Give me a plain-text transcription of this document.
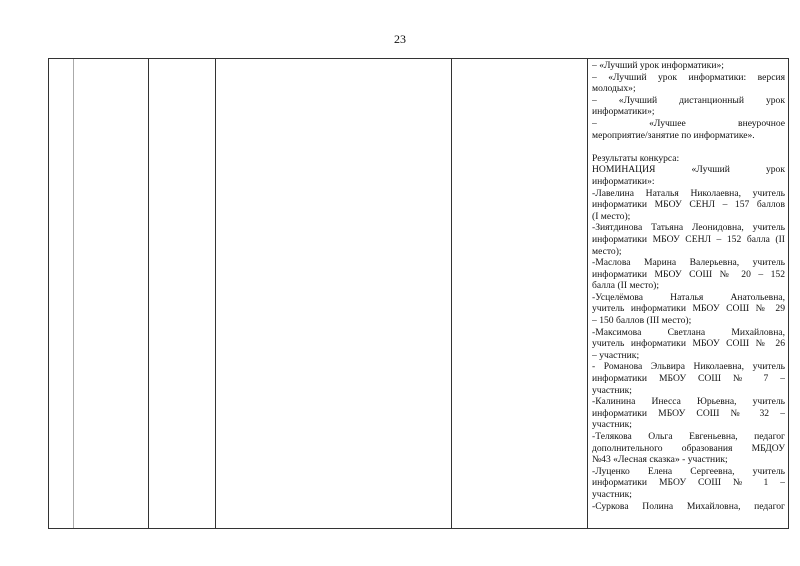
23
– «Лучший урок информатики»;
– «Лучший урок информатики: версия
молодых»;
– «Лучший дистанционный урок
информатики»;
– «Лучшее внеурочное
мероприятие/занятие по информатике».
Результаты конкурса:
НОМИНАЦИЯ «Лучший урок
информатики»:
-Лавелина Наталья Николаевна, учитель
информатики МБОУ СЕНЛ – 157 баллов
(I место);
-Зиятдинова Татьяна Леонидовна, учитель
информатики МБОУ СЕНЛ – 152 балла (II
место);
-Маслова Марина Валерьевна, учитель
информатики МБОУ СОШ № 20 – 152
балла (II место);
-Усцелёмова Наталья Анатольевна,
учитель информатики МБОУ СОШ № 29
– 150 баллов (III место);
-Максимова Светлана Михайловна,
учитель информатики МБОУ СОШ № 26
– участник;
- Романова Эльвира Николаевна, учитель
информатики МБОУ СОШ № 7 –
участник;
-Калинина Инесса Юрьевна, учитель
информатики МБОУ СОШ № 32 –
участник;
-Телякова Ольга Евгеньевна, педагог
дополнительного образования МБДОУ
№43 «Лесная сказка» - участник;
-Луценко Елена Сергеевна, учитель
информатики МБОУ СОШ № 1 –
участник;
-Суркова Полина Михайловна, педагог
